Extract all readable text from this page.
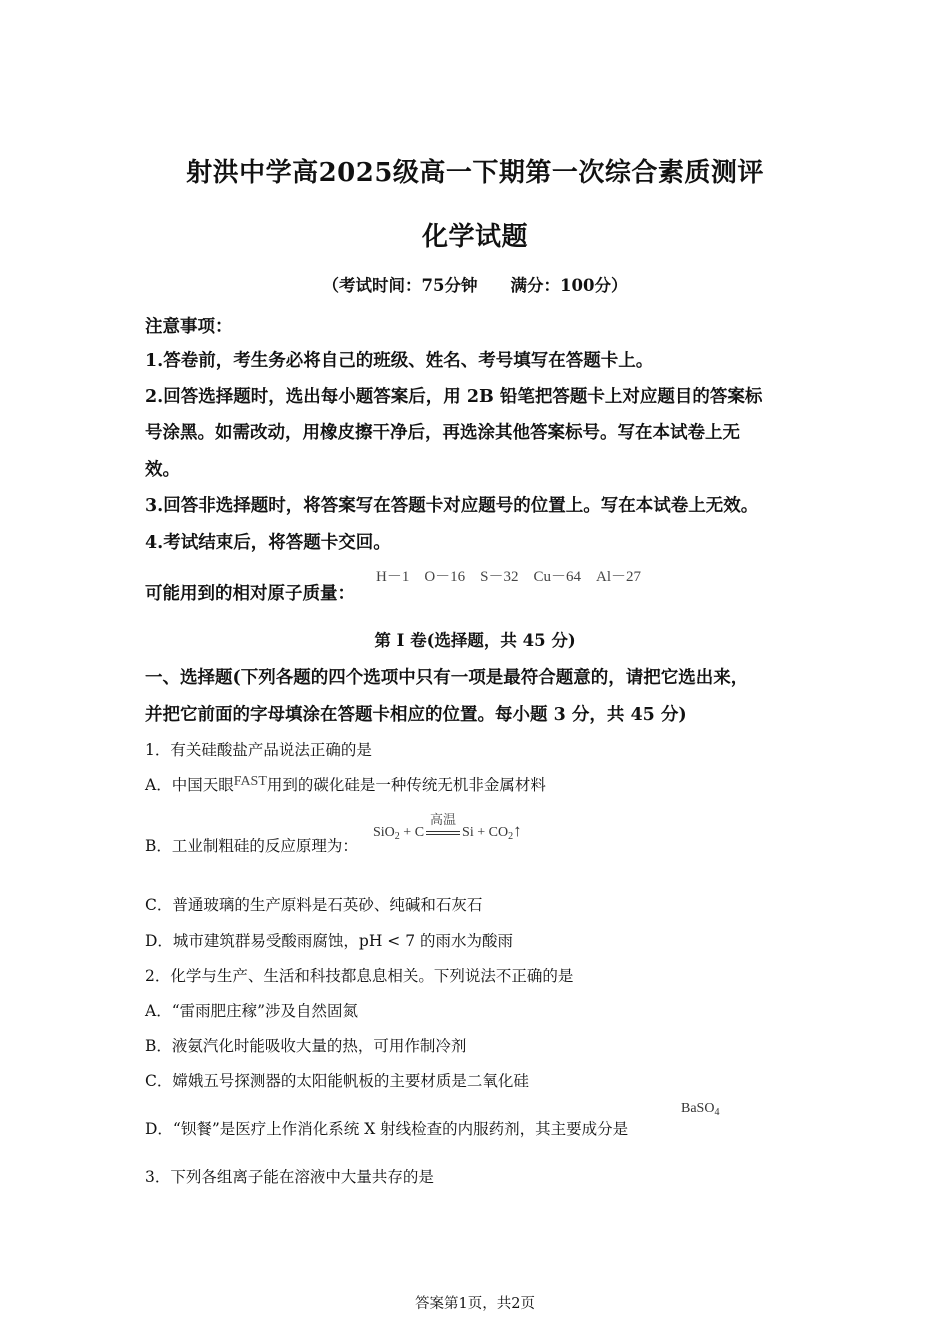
射洪中学高2025级高一下期第一次综合素质测评
化学试题
（考试时间：75分钟　　满分：100分）
注意事项：
1.答卷前，考生务必将自己的班级、姓名、考号填写在答题卡上。
2.回答选择题时，选出每小题答案后，用 2B 铅笔把答题卡上对应题目的答案标
号涂黑。如需改动，用橡皮擦干净后，再选涂其他答案标号。写在本试卷上无
效。
3.回答非选择题时，将答案写在答题卡对应题号的位置上。写在本试卷上无效。
4.考试结束后，将答题卡交回。
可能用到的相对原子质量：
H－1　O－16　S－32　Cu－64　Al－27
第 I 卷(选择题，共 45 分)
一、选择题(下列各题的四个选项中只有一项是最符合题意的，请把它选出来，
并把它前面的字母填涂在答题卡相应的位置。每小题 3 分，共 45 分)
1．有关硅酸盐产品说法正确的是
A．中国天眼FAST用到的碳化硅是一种传统无机非金属材料
B．工业制粗硅的反应原理为：
SiO$_2$ + C
高温
$Si + CO_2↑$
C．普通玻璃的生产原料是石英砂、纯碱和石灰石
D．城市建筑群易受酸雨腐蚀，pH < 7 的雨水为酸雨
2．化学与生产、生活和科技都息息相关。下列说法不正确的是
A．“雷雨肥庄稼”涉及自然固氮
B．液氨汽化时能吸收大量的热，可用作制冷剂
C．嫦娥五号探测器的太阳能帆板的主要材质是二氧化硅
D．“钡餐”是医疗上作消化系统 X 射线检查的内服药剂，其主要成分是
BaSO$_4$
3．下列各组离子能在溶液中大量共存的是
答案第1页，共2页
